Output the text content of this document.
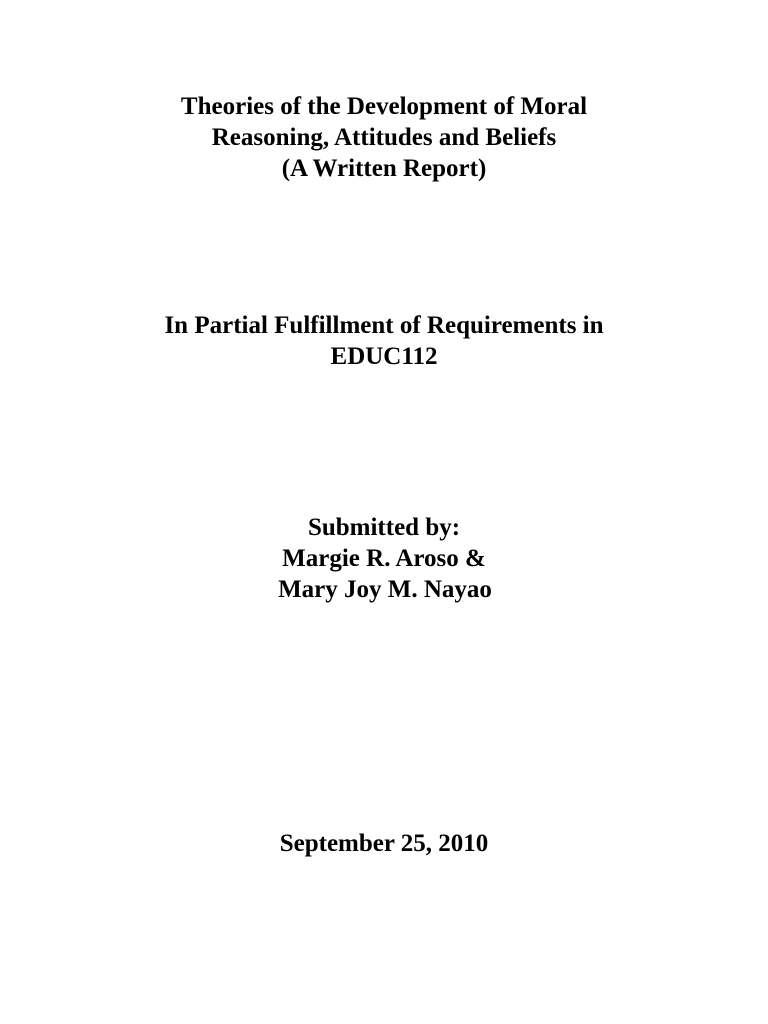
Theories of the Development of Moral
Reasoning, Attitudes and Beliefs
(A Written Report)
In Partial Fulfillment of Requirements in
EDUC112
Submitted by:
Margie R. Aroso &
Mary Joy M. Nayao
September 25, 2010
